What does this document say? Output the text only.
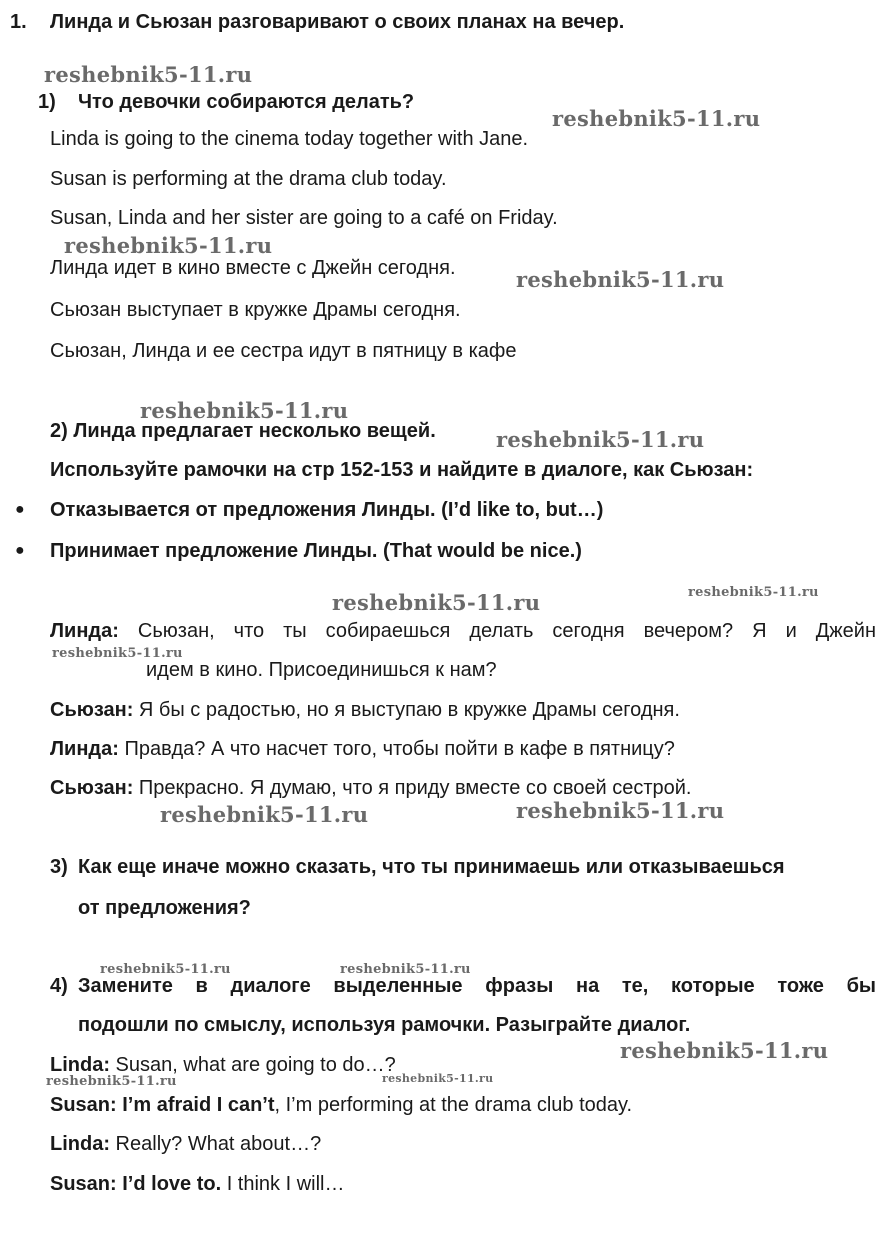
1. Линда и Сьюзан разговаривают о своих планах на вечер.
1) Что девочки собираются делать?
Linda is going to the cinema today together with Jane.
Susan is performing at the drama club today.
Susan, Linda and her sister are going to a café on Friday.
Линда идет в кино вместе с Джейн сегодня.
Сьюзан выступает в кружке Драмы сегодня.
Сьюзан, Линда и ее сестра идут в пятницу в кафе
2) Линда предлагает несколько вещей.
Используйте рамочки на стр 152-153 и найдите в диалоге, как Сьюзан:
● Отказывается от предложения Линды. (I’d like to, but…)
● Принимает предложение Линды. (That would be nice.)
Линда: Сьюзан, что ты собираешься делать сегодня вечером? Я и Джейн
идем в кино. Присоединишься к нам?
Сьюзан: Я бы с радостью, но я выступаю в кружке Драмы сегодня.
Линда: Правда? А что насчет того, чтобы пойти в кафе в пятницу?
Сьюзан: Прекрасно. Я думаю, что я приду вместе со своей сестрой.
3) Как еще иначе можно сказать, что ты принимаешь или отказываешься
от предложения?
4) Замените в диалоге выделенные фразы на те, которые тоже бы
подошли по смыслу, используя рамочки. Разыграйте диалог.
Linda: Susan, what are going to do…?
Susan: I’m afraid I can’t, I’m performing at the drama club today.
Linda: Really? What about…?
Susan: I’d love to. I think I will…
reshebnik5-11.ru
reshebnik5-11.ru
reshebnik5-11.ru
reshebnik5-11.ru
reshebnik5-11.ru
reshebnik5-11.ru
reshebnik5-11.ru	reshebnik5-11.ru
reshebnik5-11.ru
reshebnik5-11.ru	reshebnik5-11.ru
reshebnik5-11.ru	reshebnik5-11.ru
reshebnik5-11.ru
reshebnik5-11.ru	reshebnik5-11.ru
